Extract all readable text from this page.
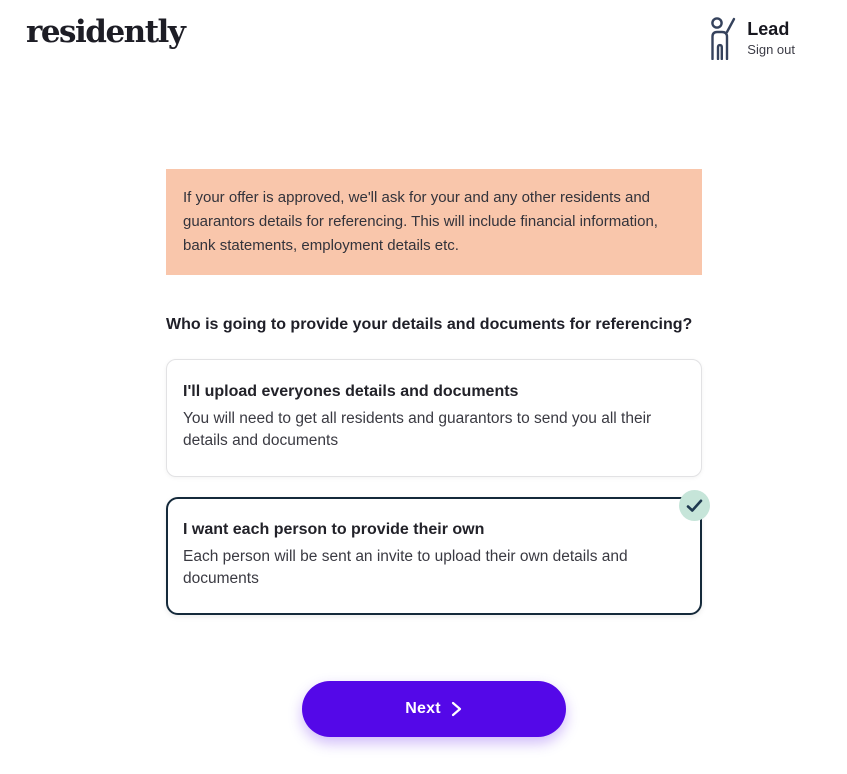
residently	Lead
Sign out
If your offer is approved, we'll ask for your and any other residents and guarantors details for referencing. This will include financial information, bank statements, employment details etc.
Who is going to provide your details and documents for referencing?
I'll upload everyones details and documents
You will need to get all residents and guarantors to send you all their details and documents
I want each person to provide their own
Each person will be sent an invite to upload their own details and documents
Next
